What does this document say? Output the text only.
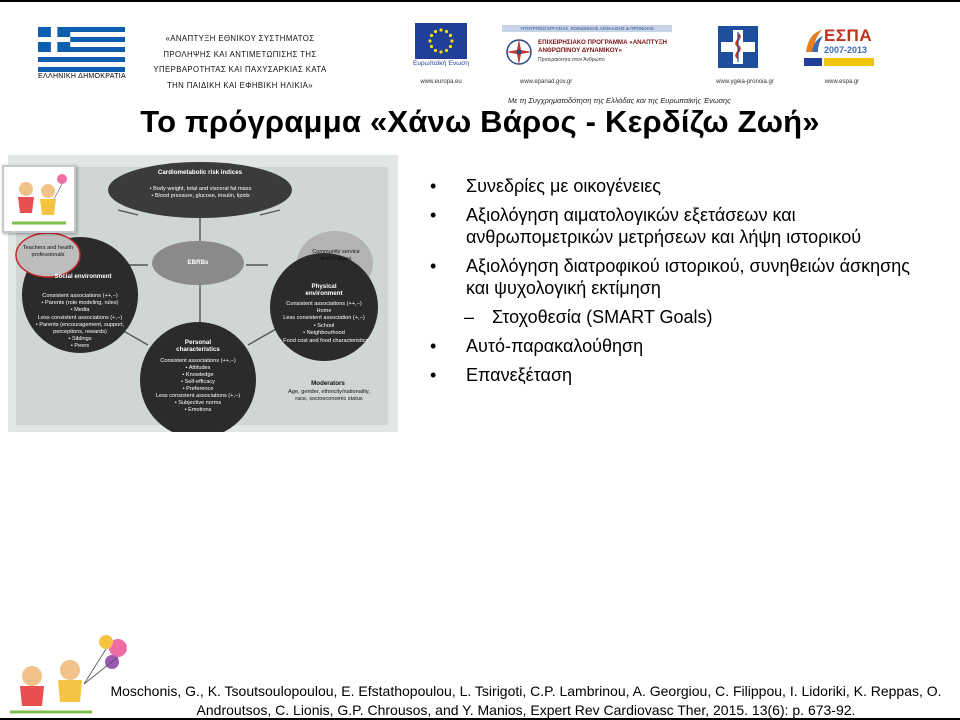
ΕΛΛΗΝΙΚΗ ΔΗΜΟΚΡΑΤΙΑ
«ΑΝΑΠΤΥΞΗ ΕΘΝΙΚΟΥ ΣΥΣΤΗΜΑΤΟΣ
ΠΡΟΛΗΨΗΣ ΚΑΙ ΑΝΤΙΜΕΤΩΠΙΣΗΣ ΤΗΣ
ΥΠΕΡΒΑΡΟΤΗΤΑΣ ΚΑΙ ΠΑΧΥΣΑΡΚΙΑΣ ΚΑΤΑ
ΤΗΝ ΠΑΙΔΙΚΗ ΚΑΙ ΕΦΗΒΙΚΗ ΗΛΙΚΙΑ»
Ευρωπαϊκή Ένωση
www.europa.eu
ΥΠΟΥΡΓΕΙΟ ΕΡΓΑΣΙΑΣ, ΚΟΙΝΩΝΙΚΗΣ ΑΣΦΑΛΙΣΗΣ & ΠΡΟΝΟΙΑΣ
ΕΠΙΧΕΙΡΗΣΙΑΚΟ ΠΡΟΓΡΑΜΜΑ «ΑΝΑΠΤΥΞΗ ΑΝΘΡΩΠΙΝΟΥ ΔΥΝΑΜΙΚΟΥ»
Προτεραιότητα στον Άνθρωπο
www.epanad.gov.gr	www.ygeia-pronoia.gr
ΕΣΠΑ
2007-2013
www.espa.gr
Με τη Συγχρηματοδότηση της Ελλάδας και της Ευρωπαϊκής Ένωσης
Το πρόγραμμα «Χάνω Βάρος - Κερδίζω Ζωή»
Cardiometabolic risk indices
• Body weight, total and visceral fat mass
• Blood pressure, glucose, insulin, lipids
EBRBs
Social environment
Consistent associations (++,−)
• Parents (role modeling, rules)
• Media
Less consistent associations (+,−)
• Parents (encouragement, support, perceptions, rewards)
• Siblings
• Peers
Physical environment
Consistent associations (++,−)
Home
Less consistent association (+,−)
• School
• Neighbourhood
• Food cost and food characteristics
Personal characteristics
Consistent associations (++,−)
• Attitudes
• Knowledge
• Self-efficacy
• Preference
Less consistent associations (+,−)
• Subjective norms
• Emotions
Teachers and health professionals	Community service and facilities
Moderators
Age, gender, ethnicity/nationality, race, socioeconomic status
• Συνεδρίες με οικογένειες
• Αξιολόγηση αιματολογικών εξετάσεων και ανθρωπομετρικών μετρήσεων και λήψη ιστορικού
• Αξιολόγηση διατροφικού ιστορικού, συνηθειών άσκησης και ψυχολογική εκτίμηση
– Στοχοθεσία (SMART Goals)
• Αυτό-παρακαλούθηση
• Επανεξέταση
Moschonis, G., K. Tsoutsoulopoulou, E. Efstathopoulou, L. Tsirigoti, C.P. Lambrinou, A. Georgiou, C. Filippou, I. Lidoriki, K. Reppas, O. Androutsos, C. Lionis, G.P. Chrousos, and Y. Manios, Expert Rev Cardiovasc Ther, 2015. 13(6): p. 673-92.
